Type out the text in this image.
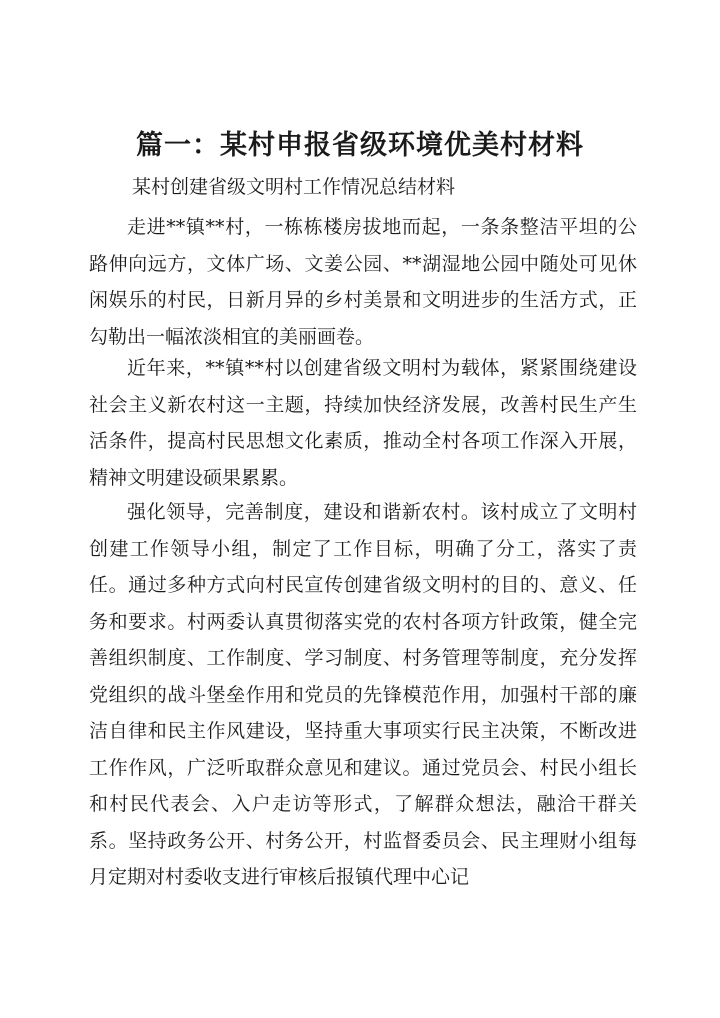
篇一：某村申报省级环境优美村材料

某村创建省级文明村工作情况总结材料

走进**镇**村，一栋栋楼房拔地而起，一条条整洁平坦的公路伸向远方，文体广场、文姜公园、**湖湿地公园中随处可见休闲娱乐的村民，日新月异的乡村美景和文明进步的生活方式，正勾勒出一幅浓淡相宜的美丽画卷。

近年来，**镇**村以创建省级文明村为载体，紧紧围绕建设社会主义新农村这一主题，持续加快经济发展，改善村民生产生活条件，提高村民思想文化素质，推动全村各项工作深入开展，精神文明建设硕果累累。

强化领导，完善制度，建设和谐新农村。该村成立了文明村创建工作领导小组，制定了工作目标，明确了分工，落实了责任。通过多种方式向村民宣传创建省级文明村的目的、意义、任务和要求。村两委认真贯彻落实党的农村各项方针政策，健全完善组织制度、工作制度、学习制度、村务管理等制度，充分发挥党组织的战斗堡垒作用和党员的先锋模范作用，加强村干部的廉洁自律和民主作风建设，坚持重大事项实行民主决策，不断改进工作作风，广泛听取群众意见和建议。通过党员会、村民小组长和村民代表会、入户走访等形式，了解群众想法，融洽干群关系。坚持政务公开、村务公开，村监督委员会、民主理财小组每月定期对村委收支进行审核后报镇代理中心记
